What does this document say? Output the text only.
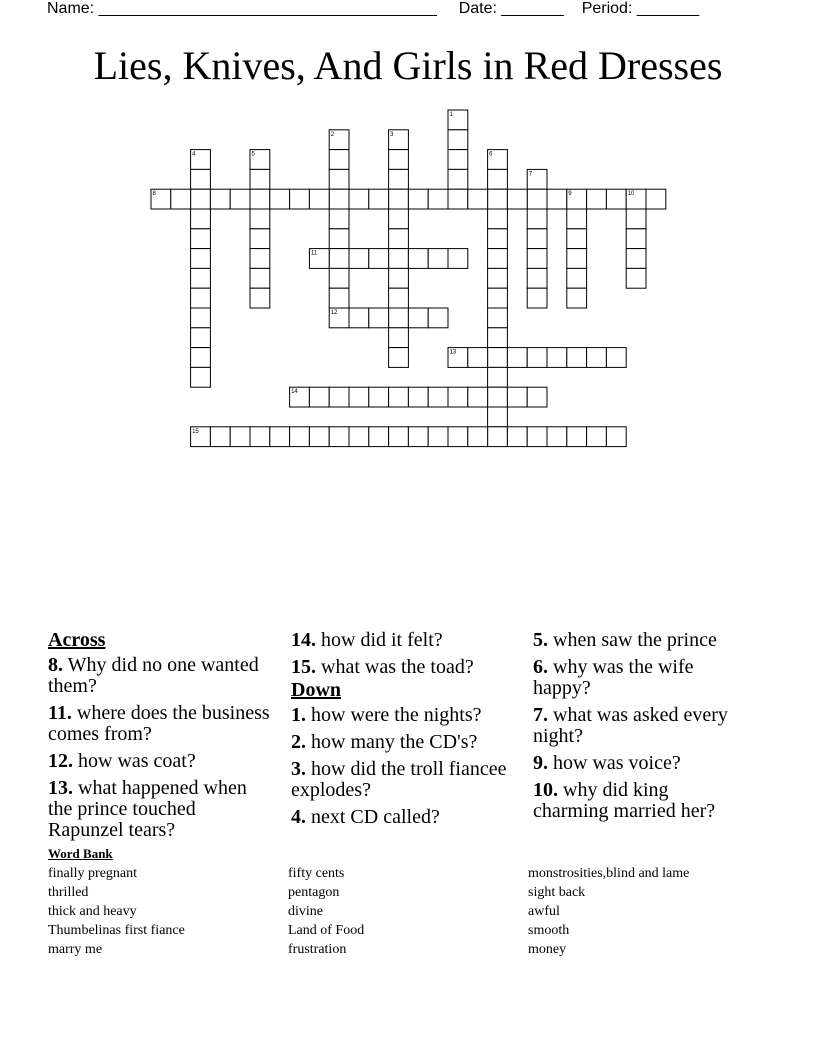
Name: ______________________________________ Date: _______ Period: _______
Lies, Knives, And Girls in Red Dresses
1
2	3
4	5	6
7
8	9	10
11
12
13
14
15
Across
8. Why did no one wanted them?
11. where does the business comes from?
12. how was coat?
13. what happened when the prince touched Rapunzel tears?
14. how did it felt?
15. what was the toad?
Down
1. how were the nights?
2. how many the CD's?
3. how did the troll fiancee explodes?
4. next CD called?
5. when saw the prince
6. why was the wife happy?
7. what was asked every night?
9. how was voice?
10. why did king charming married her?
Word Bank
finally pregnant
thrilled
thick and heavy
Thumbelinas first fiance
marry me
fifty cents
pentagon
divine
Land of Food
frustration
monstrosities,blind and lame
sight back
awful
smooth
money
